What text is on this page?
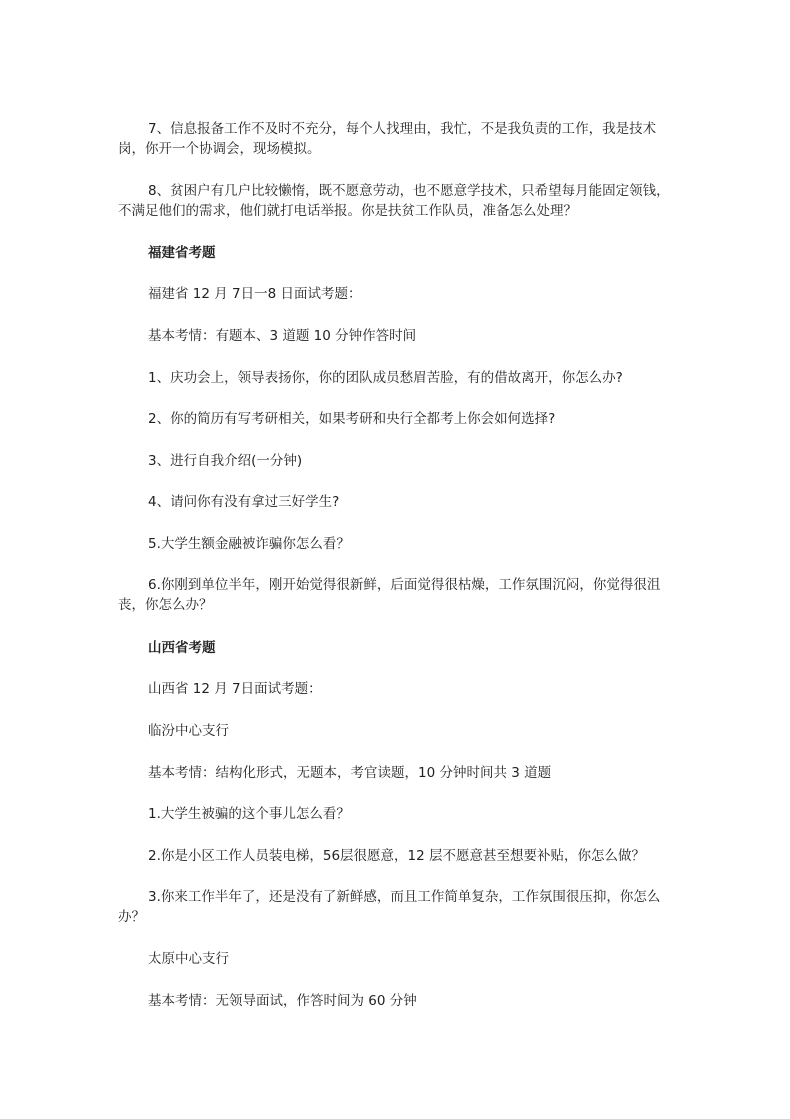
7、信息报备工作不及时不充分，每个人找理由，我忙，不是我负责的工作，我是技术岗，你开一个协调会，现场模拟。

8、贫困户有几户比较懒惰，既不愿意劳动，也不愿意学技术，只希望每月能固定领钱，不满足他们的需求，他们就打电话举报。你是扶贫工作队员，准备怎么处理？

福建省考题

福建省 12 月 7日一8 日面试考题：

基本考情：有题本、3 道题 10 分钟作答时间

1、庆功会上，领导表扬你，你的团队成员愁眉苦脸，有的借故离开，你怎么办?

2、你的简历有写考研相关，如果考研和央行全都考上你会如何选择?

3、进行自我介绍(一分钟)

4、请问你有没有拿过三好学生?

5.大学生额金融被诈骗你怎么看？

6.你刚到单位半年，刚开始觉得很新鲜，后面觉得很枯燥，工作氛围沉闷，你觉得很沮丧，你怎么办？

山西省考题

山西省 12 月 7日面试考题：

临汾中心支行

基本考情：结构化形式，无题本，考官读题，10 分钟时间共 3 道题

1.大学生被骗的这个事儿怎么看？

2.你是小区工作人员装电梯，56层很愿意，12 层不愿意甚至想要补贴，你怎么做？

3.你来工作半年了，还是没有了新鲜感，而且工作简单复杂，工作氛围很压抑，你怎么办？

太原中心支行

基本考情：无领导面试，作答时间为 60 分钟
